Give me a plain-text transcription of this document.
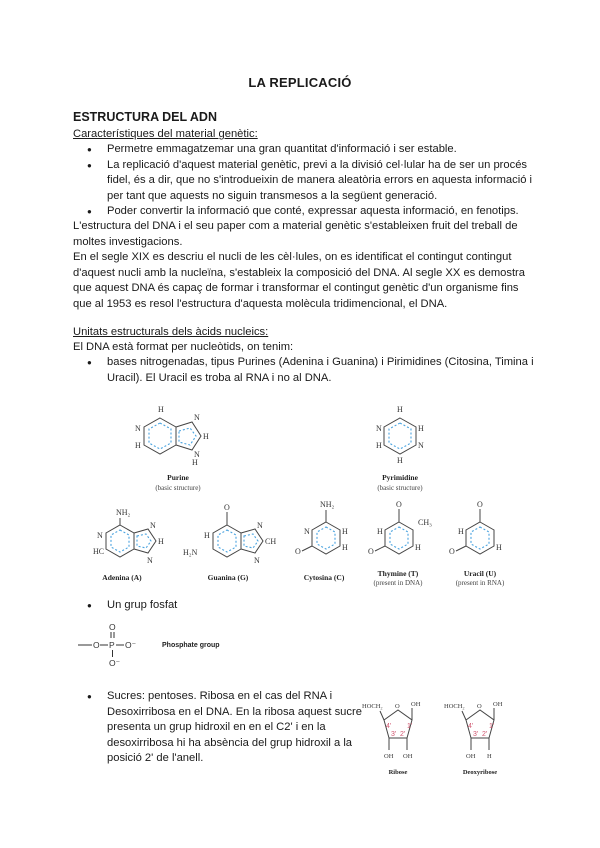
LA REPLICACIÓ
ESTRUCTURA DEL ADN
Característiques del material genètic:
● Permetre emmagatzemar una gran quantitat d'informació i ser estable.
● La replicació d'aquest material genètic, previ a la divisió cel·lular ha de ser un procés fidel, és a dir, que no s'introdueixin de manera aleatòria errors en aquesta informació i per tant que aquests no siguin transmesos a la següent generació.
● Poder convertir la informació que conté, expressar aquesta informació, en fenotips.
L'estructura del DNA i el seu paper com a material genètic s'estableixen fruit del treball de moltes investigacions.
En el segle XIX es descriu el nucli de les cèl·lules, on es identificat el contingut contingut d'aquest nucli amb la nucleïna, s'estableix la composició del DNA. Al segle XX es demostra que aquest DNA és capaç de formar i transformar el contingut genètic d'un organisme fins que al 1953 es resol l'estructura d'aquesta molècula tridimencional, el DNA.
Unitats estructurals dels àcids nucleics:
El DNA està format per nucleòtids, on tenim:
● bases nitrogenadas, tipus Purines (Adenina i Guanina) i Pirimidines (Citosina, Timina i Uracil). El Uracil es troba al RNA i no al DNA.
H
N
H
N
H
N
H
Purine
(basic structure)
H
N	H
H	N
H
Pyrimidine
(basic structure)
NH₂
N
HC
N
H
N
Adenina (A)
O
H
H₂N
N
CH
N
Guanina (G)
NH₂
N
O
H
H
Cytosina (C)
O
CH₃
H
O	H
Thymine (T)
(present in DNA)
O
H
O	H
Uracil (U)
(present in RNA)
● Un grup fosfat
O
O P O⁻
O⁻
Phosphate group
● Sucres: pentoses. Ribosa en el cas del RNA i Desoxirribosa en el DNA. En la ribosa aquest sucre presenta un grup hidroxil en en el C2' i en la desoxirribosa hi ha absència del grup hidroxil a la posició 2' de l'anell.
HOCH₂ O OH
OH OH
4' 1'
3' 2'
Ribose
HOCH₂ O OH
OH H
4' 1'
3' 2'
Deoxyribose
